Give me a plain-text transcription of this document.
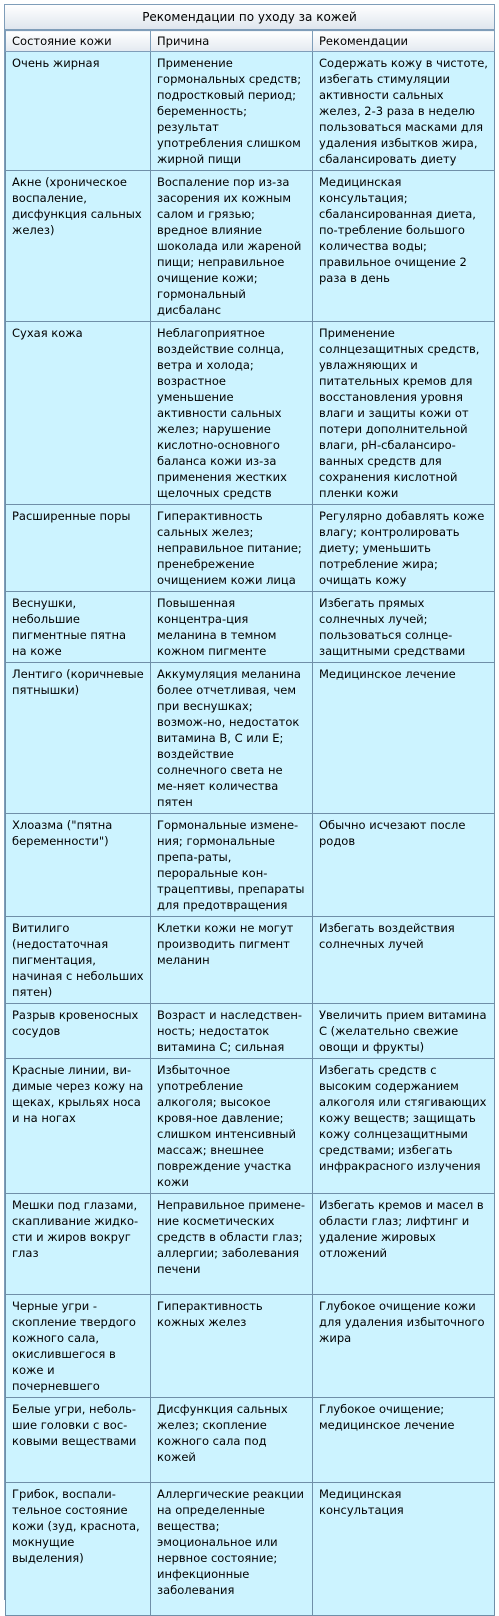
Рекомендации по уходу за кожей
Состояние кожи	Причина	Рекомендации
Очень жирная	Применение гормональных средств; подростковый период; беременность; результат употребления слишком жирной пищи	Содержать кожу в чистоте, избегать стимуляции активности сальных желез, 2-3 раза в неделю пользоваться масками для удаления избытков жира, сбалансировать диету
Акне (хроническое воспаление, дисфункция сальных желез)	Воспаление пор из-за засорения их кожным салом и грязью; вредное влияние шоколада или жареной пищи; неправильное очищение кожи; гормональный дисбаланс	Медицинская консультация; сбалансированная диета, по-требление большого количества воды; правильное очищение 2 раза в день
Сухая кожа	Неблагоприятное воздействие солнца, ветра и холода; возрастное уменьшение активности сальных желез; нарушение кислотно-основного баланса кожи из-за применения жестких щелочных средств	Применение солнцезащитных средств, увлажняющих и питательных кремов для восстановления уровня влаги и защиты кожи от потери дополнительной влаги, pH-сбалансиро-ванных средств для сохранения кислотной пленки кожи
Расширенные поры	Гиперактивность сальных желез; неправильное питание; пренебрежение очищением кожи лица	Регулярно добавлять коже влагу; контролировать диету; уменьшить потребление жира; очищать кожу
Веснушки, небольшие пигментные пятна на коже	Повышенная концентра-ция меланина в темном кожном пигменте	Избегать прямых солнечных лучей; пользоваться солнце-защитными средствами
Лентиго (коричневые пятнышки)	Аккумуляция меланина более отчетливая, чем при веснушках; возмож-но, недостаток витамина В, С или Е; воздействие солнечного света не ме-няет количества пятен	Медицинское лечение
Хлоазма ("пятна беременности")	Гормональные измене-ния; гормональные препа-раты, пероральные кон-трацептивы, препараты для предотвращения	Обычно исчезают после родов
Витилиго (недостаточная пигментация, начиная с небольших пятен)	Клетки кожи не могут производить пигмент меланин	Избегать воздействия солнечных лучей
Разрыв кровеносных сосудов	Возраст и наследствен-ность; недостаток витамина С; сильная	Увеличить прием витамина С (желательно свежие овощи и фрукты)
Красные линии, ви-димые через кожу на щеках, крыльях носа и на ногах	Избыточное употребление алкоголя; высокое кровя-ное давление; слишком интенсивный массаж; внешнее повреждение участка кожи	Избегать средств с высоким содержанием алкоголя или стягивающих кожу веществ; защищать кожу солнцезащитными средствами; избегать инфракрасного излучения
Мешки под глазами, скапливание жидко-сти и жиров вокруг глаз	Неправильное примене-ние косметических средств в области глаз; аллергии; заболевания печени	Избегать кремов и масел в области глаз; лифтинг и удаление жировых отложений
Черные угри - скопление твердого кожного сала, окислившегося в коже и почерневшего	Гиперактивность кожных желез	Глубокое очищение кожи для удаления избыточного жира
Белые угри, неболь-шие головки с вос-ковыми веществами	Дисфункция сальных желез; скопление кожного сала под кожей	Глубокое очищение; медицинское лечение
Грибок, воспали-тельное состояние кожи (зуд, краснота, мокнущие выделения)	Аллергические реакции на определенные вещества; эмоциональное или нервное состояние; инфекционные заболевания	Медицинская консультация
